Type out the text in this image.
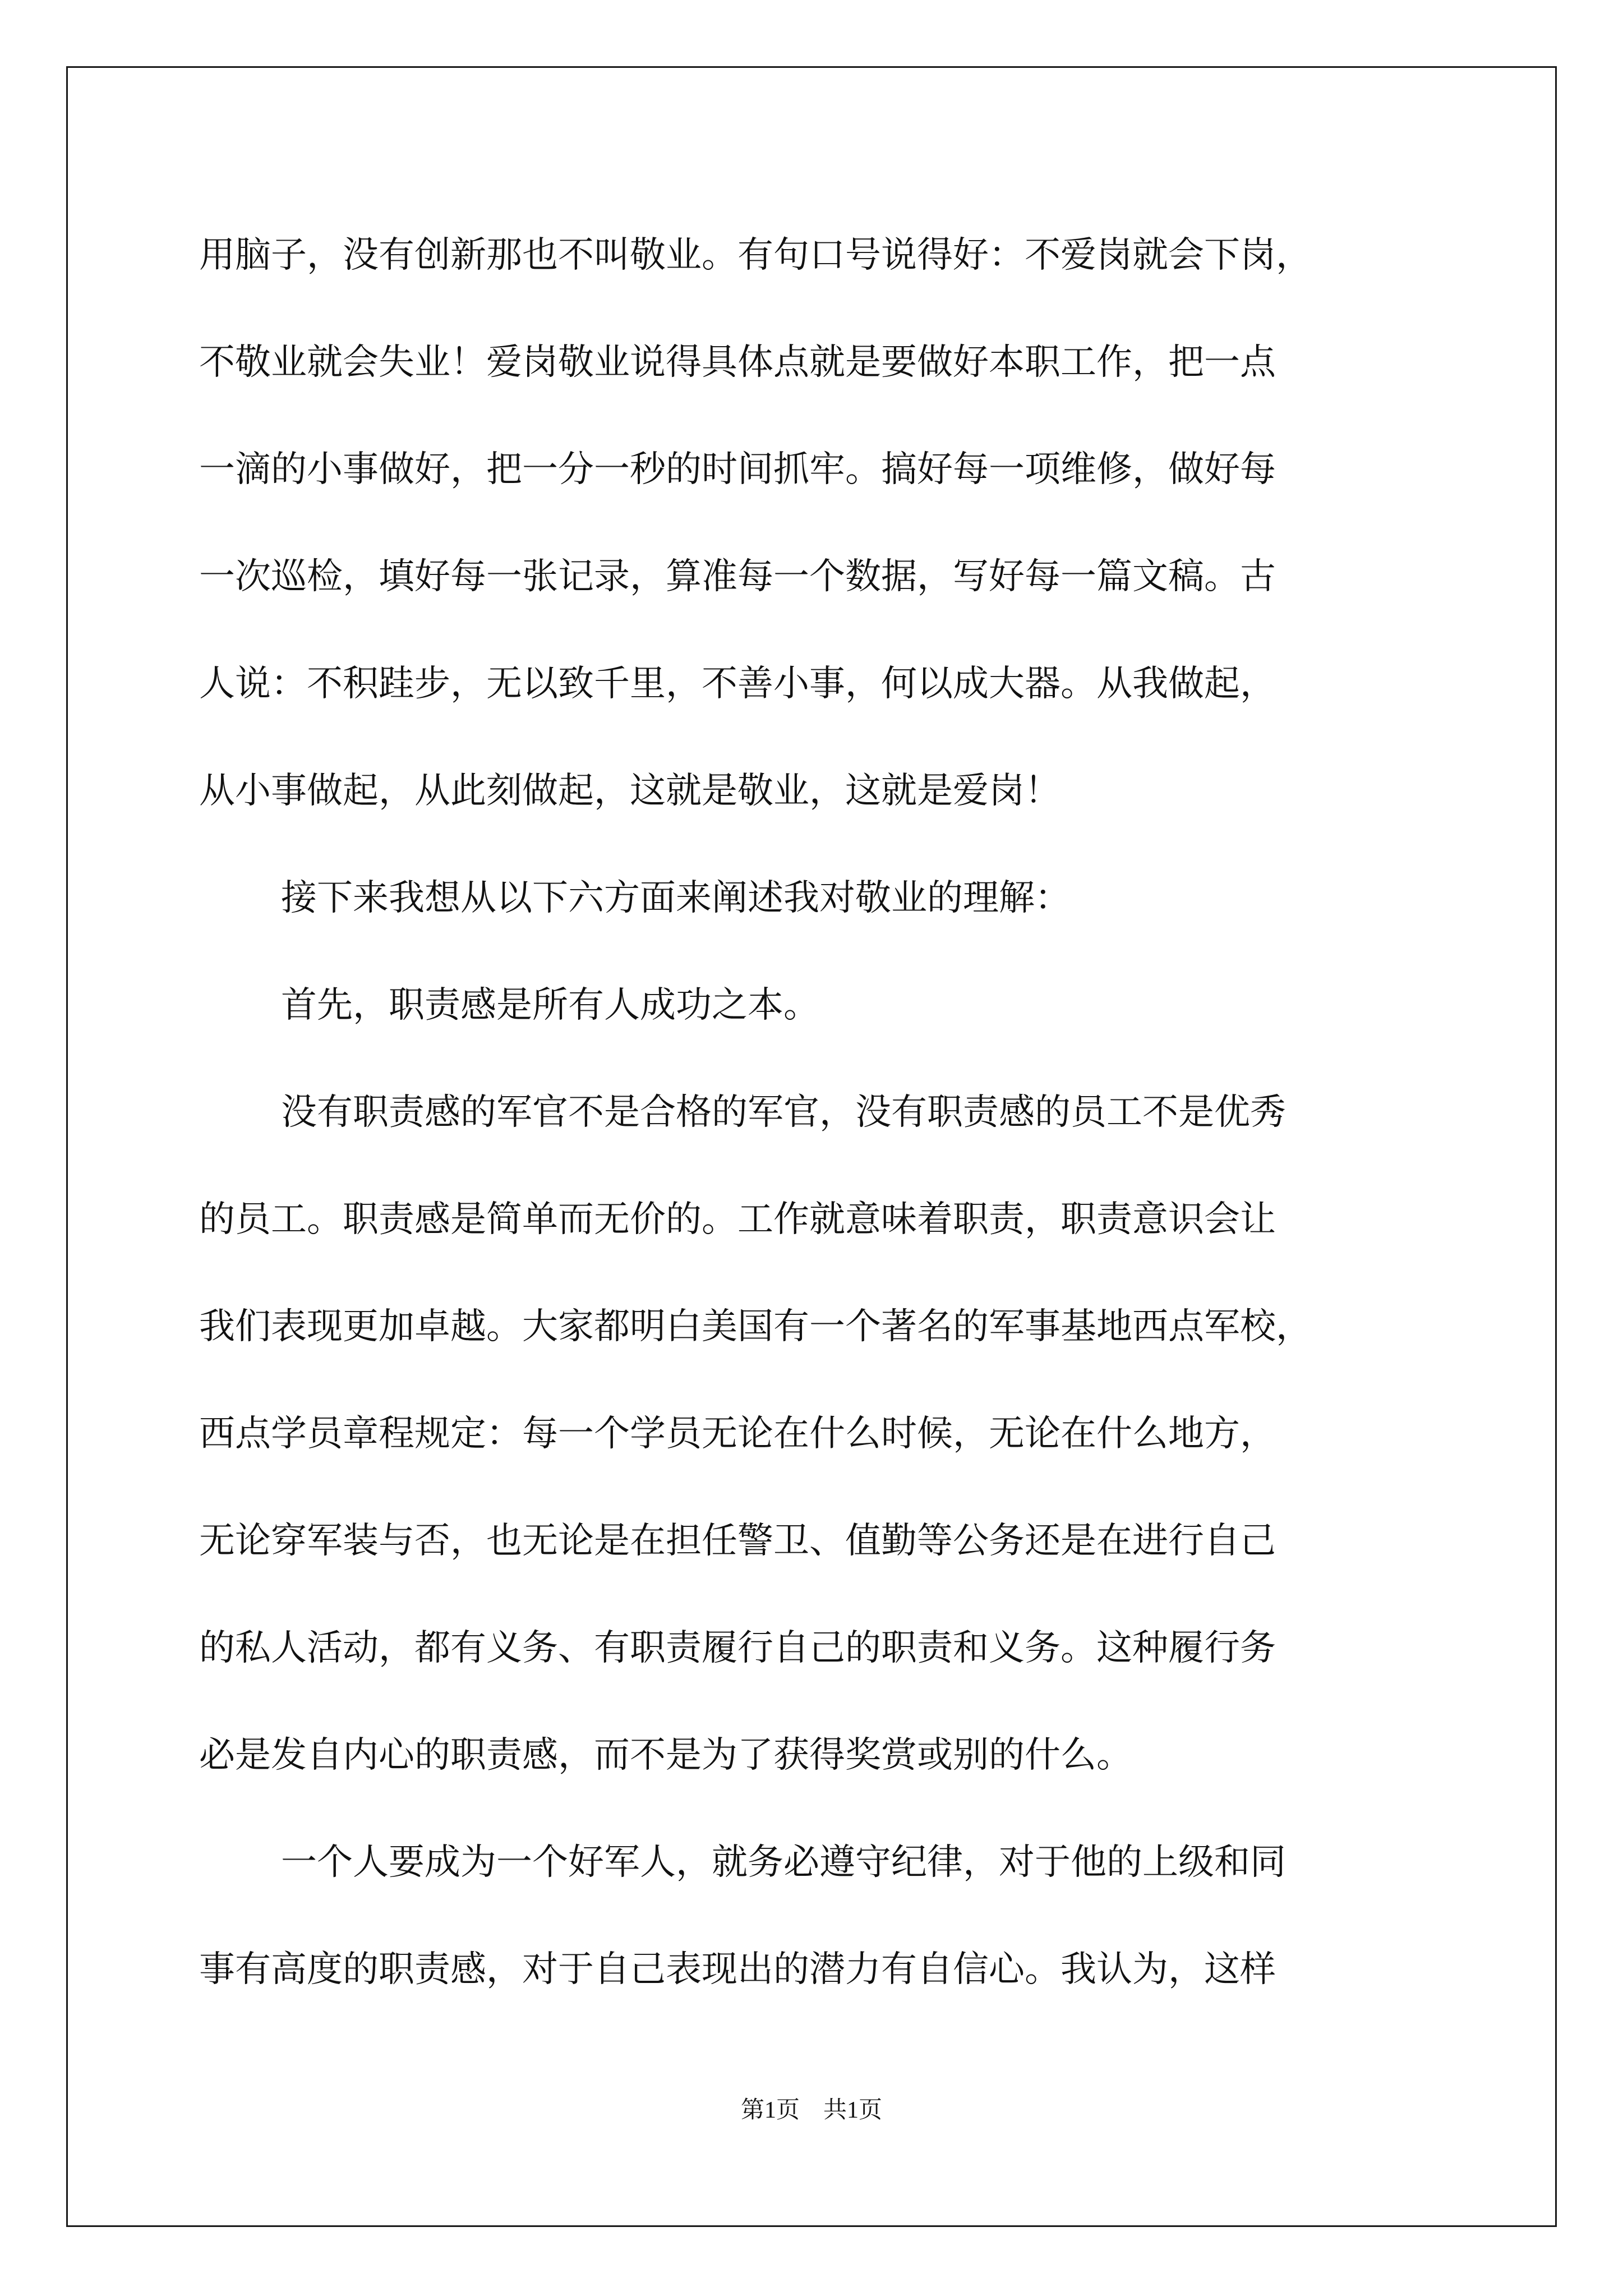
用脑子，没有创新那也不叫敬业。有句口号说得好：不爱岗就会下岗，

不敬业就会失业！爱岗敬业说得具体点就是要做好本职工作，把一点

一滴的小事做好，把一分一秒的时间抓牢。搞好每一项维修，做好每

一次巡检，填好每一张记录，算准每一个数据，写好每一篇文稿。古

人说：不积跬步，无以致千里，不善小事，何以成大器。从我做起，

从小事做起，从此刻做起，这就是敬业，这就是爱岗！

接下来我想从以下六方面来阐述我对敬业的理解：

首先，职责感是所有人成功之本。

没有职责感的军官不是合格的军官，没有职责感的员工不是优秀

的员工。职责感是简单而无价的。工作就意味着职责，职责意识会让

我们表现更加卓越。大家都明白美国有一个著名的军事基地西点军校，

西点学员章程规定：每一个学员无论在什么时候，无论在什么地方，

无论穿军装与否，也无论是在担任警卫、值勤等公务还是在进行自己

的私人活动，都有义务、有职责履行自己的职责和义务。这种履行务

必是发自内心的职责感，而不是为了获得奖赏或别的什么。

一个人要成为一个好军人，就务必遵守纪律，对于他的上级和同

事有高度的职责感，对于自己表现出的潜力有自信心。我认为，这样

第1页　共1页
